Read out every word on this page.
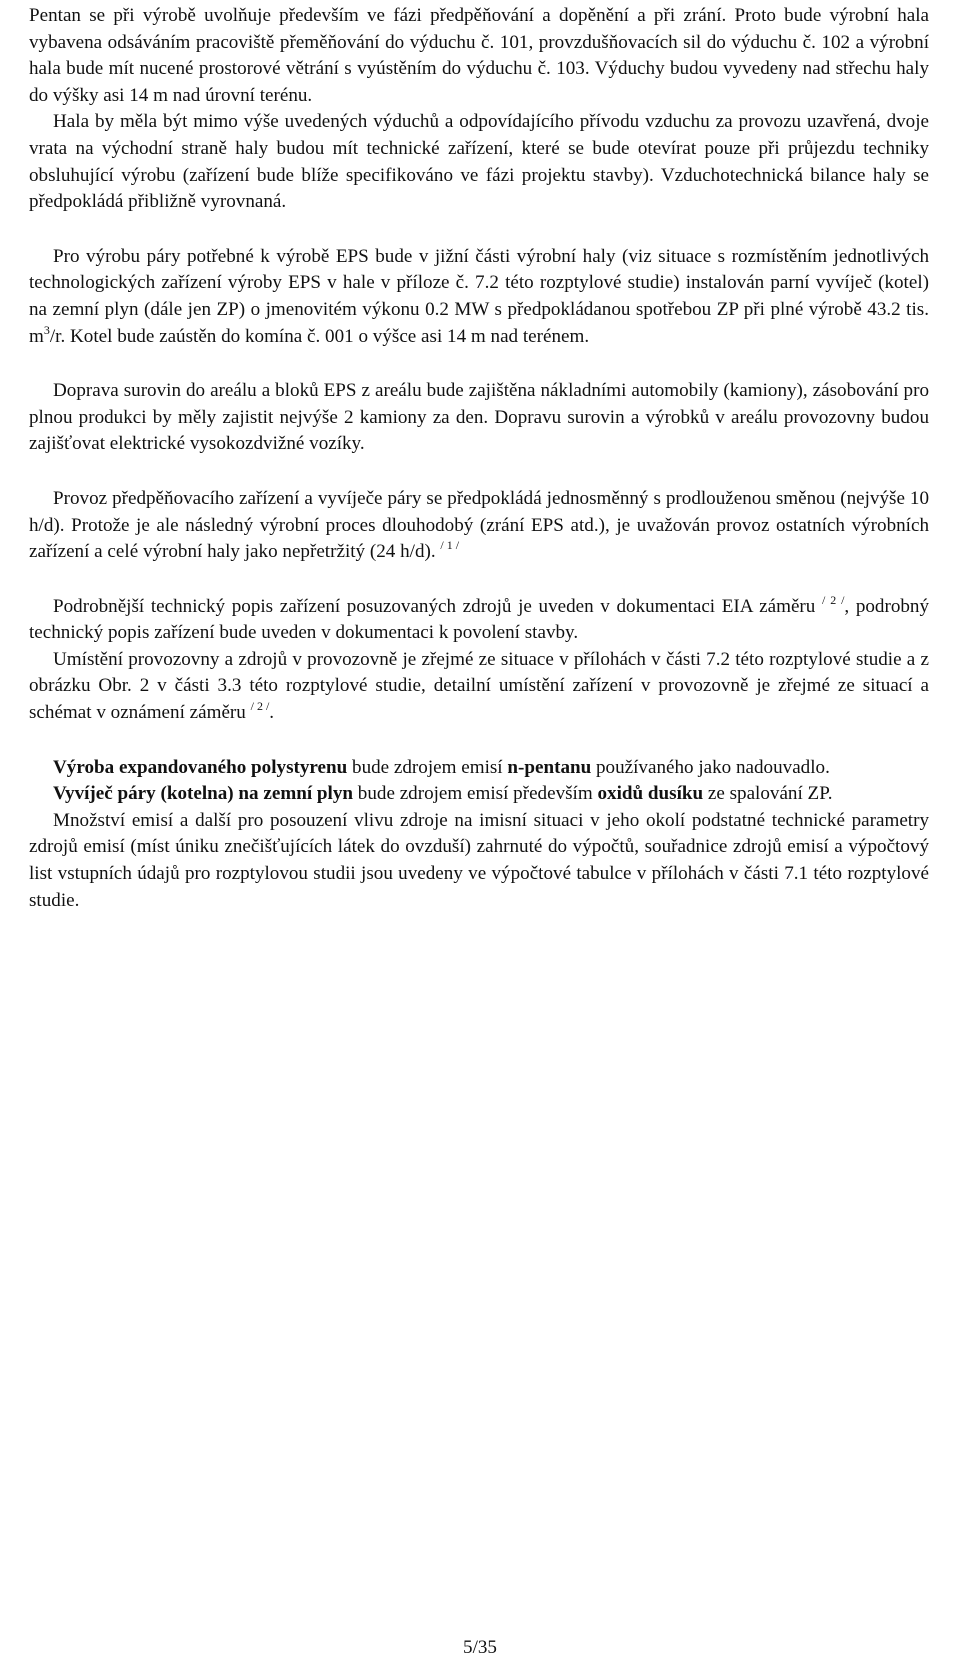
Pentan se při výrobě uvolňuje především ve fázi předpěňování a dopěnění a při zrání. Proto bude výrobní hala vybavena odsáváním pracoviště přeměňování do výduchu č. 101, provzdušňovacích sil do výduchu č. 102 a výrobní hala bude mít nucené prostorové větrání s vyústěním do výduchu č. 103. Výduchy budou vyvedeny nad střechu haly do výšky asi 14 m nad úrovní terénu.

Hala by měla být mimo výše uvedených výduchů a odpovídajícího přívodu vzduchu za provozu uzavřená, dvoje vrata na východní straně haly budou mít technické zařízení, které se bude otevírat pouze při průjezdu techniky obsluhující výrobu (zařízení bude blíže specifikováno ve fázi projektu stavby). Vzduchotechnická bilance haly se předpokládá přibližně vyrovnaná.

Pro výrobu páry potřebné k výrobě EPS bude v jižní části výrobní haly (viz situace s rozmístěním jednotlivých technologických zařízení výroby EPS v hale v příloze č. 7.2 této rozptylové studie) instalován parní vyvíječ (kotel) na zemní plyn (dále jen ZP) o jmenovitém výkonu 0.2 MW s předpokládanou spotřebou ZP při plné výrobě 43.2 tis. $m^3/r$. Kotel bude zaústěn do komína č. 001 o výšce asi 14 m nad terénem.

Doprava surovin do areálu a bloků EPS z areálu bude zajištěna nákladními automobily (kamiony), zásobování pro plnou produkci by měly zajistit nejvýše 2 kamiony za den. Dopravu surovin a výrobků v areálu provozovny budou zajišťovat elektrické vysokozdvižné vozíky.

Provoz předpěňovacího zařízení a vyvíječe páry se předpokládá jednosměnný s prodlouženou směnou (nejvýše 10 h/d). Protože je ale následný výrobní proces dlouhodobý (zrání EPS atd.), je uvažován provoz ostatních výrobních zařízení a celé výrobní haly jako nepřetržitý (24 h/d). $^{/ 1 /}$

Podrobnější technický popis zařízení posuzovaných zdrojů je uveden v dokumentaci EIA záměru $^{/ 2 /}$, podrobný technický popis zařízení bude uveden v dokumentaci k povolení stavby.

Umístění provozovny a zdrojů v provozovně je zřejmé ze situace v přílohách v části 7.2 této rozptylové studie a z obrázku Obr. 2 v části 3.3 této rozptylové studie, detailní umístění zařízení v provozovně je zřejmé ze situací a schémat v oznámení záměru $^{/ 2 /}$.

Výroba expandovaného polystyrenu bude zdrojem emisí n-pentanu používaného jako nadouvadlo.

Vyvíječ páry (kotelna) na zemní plyn bude zdrojem emisí především oxidů dusíku ze spalování ZP.

Množství emisí a další pro posouzení vlivu zdroje na imisní situaci v jeho okolí podstatné technické parametry zdrojů emisí (míst úniku znečišťujících látek do ovzduší) zahrnuté do výpočtů, souřadnice zdrojů emisí a výpočtový list vstupních údajů pro rozptylovou studii jsou uvedeny ve výpočtové tabulce v přílohách v části 7.1 této rozptylové studie.

5/35
